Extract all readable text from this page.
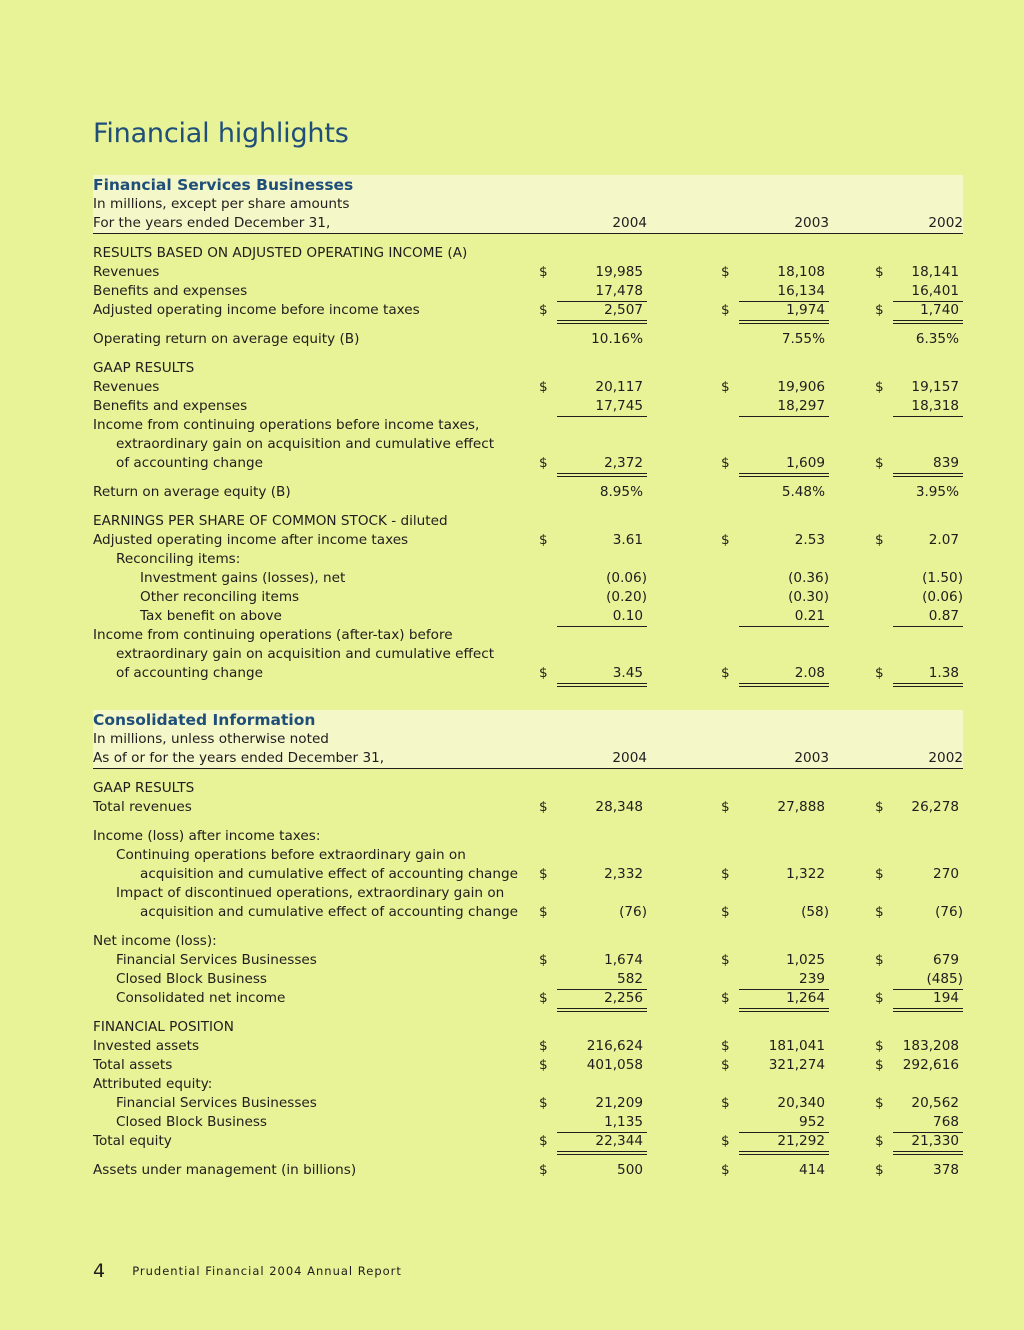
Financial highlights
Financial Services Businesses
In millions, except per share amounts
For the years ended December 31,	2004	2003	2002
RESULTS BASED ON ADJUSTED OPERATING INCOME (A)
Revenues	$	19,985	$	18,108	$ 18,141
Benefits and expenses	17,478	16,134	16,401
Adjusted operating income before income taxes	$	2,507	$	1,974	$	1,740
Operating return on average equity (B)	10.16%	7.55%	6.35%
GAAP RESULTS
Revenues	$	20,117	$	19,906	$ 19,157
Benefits and expenses	17,745	18,297	18,318
Income from continuing operations before income taxes,
extraordinary gain on acquisition and cumulative effect
of accounting change	$	2,372	$	1,609	$	839
Return on average equity (B)	8.95%	5.48%	3.95%
EARNINGS PER SHARE OF COMMON STOCK - diluted
Adjusted operating income after income taxes	$	3.61	$	2.53	$	2.07
Reconciling items:
Investment gains (losses), net	(0.06)	(0.36)	(1.50)
Other reconciling items	(0.20)	(0.30)	(0.06)
Tax benefit on above	0.10	0.21	0.87
Income from continuing operations (after-tax) before
extraordinary gain on acquisition and cumulative effect
of accounting change	$	3.45	$	2.08	$	1.38
Consolidated Information
In millions, unless otherwise noted
As of or for the years ended December 31,	2004	2003	2002
GAAP RESULTS
Total revenues	$	28,348	$	27,888	$ 26,278
Income (loss) after income taxes:
Continuing operations before extraordinary gain on
acquisition and cumulative effect of accounting change $	2,332	$	1,322	$	270
Impact of discontinued operations, extraordinary gain on
acquisition and cumulative effect of accounting change $	(76)	$	(58)	$	(76)
Net income (loss):
Financial Services Businesses	$	1,674	$	1,025	$	679
Closed Block Business	582	239	(485)
Consolidated net income	$	2,256	$	1,264	$	194
FINANCIAL POSITION
Invested assets	$	216,624	$	181,041	$ 183,208
Total assets	$	401,058	$	321,274	$ 292,616
Attributed equity:
Financial Services Businesses	$	21,209	$	20,340	$ 20,562
Closed Block Business	1,135	952	768
Total equity	$	22,344	$	21,292	$ 21,330
Assets under management (in billions)	$	500	$	414	$	378
4 Prudential Financial 2004 Annual Report
